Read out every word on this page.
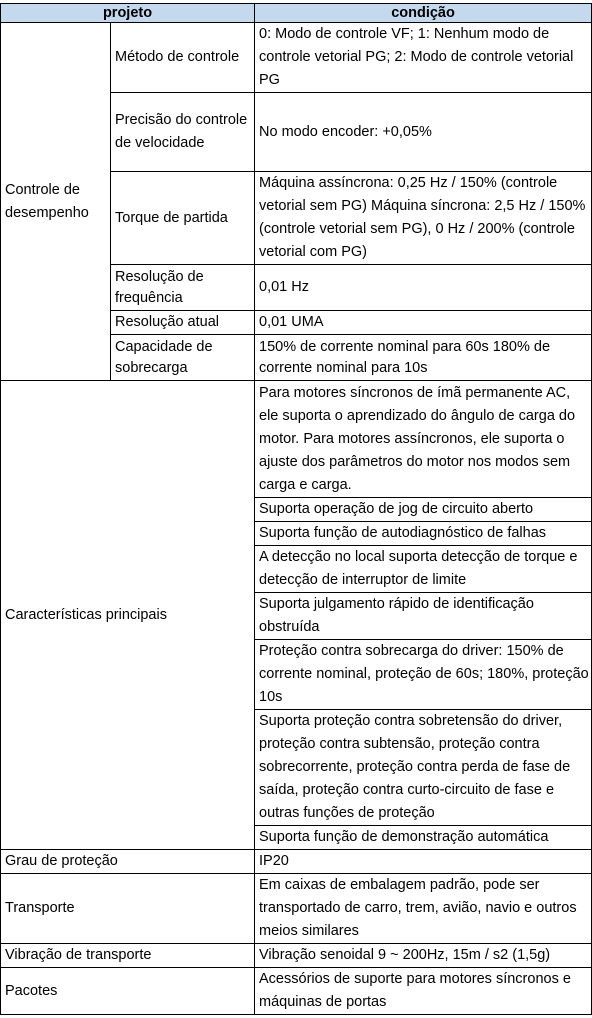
projeto		condição
Controle de desempenho	Método de controle	0: Modo de controle VF; 1: Nenhum modo de controle vetorial PG; 2: Modo de controle vetorial PG
	Precisão do controle de velocidade	No modo encoder: +0,05%
	Torque de partida	Máquina assíncrona: 0,25 Hz / 150% (controle vetorial sem PG) Máquina síncrona: 2,5 Hz / 150% (controle vetorial sem PG), 0 Hz / 200% (controle vetorial com PG)
	Resolução de frequência	0,01 Hz
	Resolução atual	0,01 UMA
	Capacidade de sobrecarga	150% de corrente nominal para 60s 180% de corrente nominal para 10s
Características principais		Para motores síncronos de ímã permanente AC, ele suporta o aprendizado do ângulo de carga do motor. Para motores assíncronos, ele suporta o ajuste dos parâmetros do motor nos modos sem carga e carga.
		Suporta operação de jog de circuito aberto
		Suporta função de autodiagnóstico de falhas
		A detecção no local suporta detecção de torque e detecção de interruptor de limite
		Suporta julgamento rápido de identificação obstruída
		Proteção contra sobrecarga do driver: 150% de corrente nominal, proteção de 60s; 180%, proteção 10s
		Suporta proteção contra sobretensão do driver, proteção contra subtensão, proteção contra sobrecorrente, proteção contra perda de fase de saída, proteção contra curto-circuito de fase e outras funções de proteção
		Suporta função de demonstração automática
Grau de proteção		IP20
Transporte		Em caixas de embalagem padrão, pode ser transportado de carro, trem, avião, navio e outros meios similares
Vibração de transporte		Vibração senoidal 9 ~ 200Hz, 15m / s2 (1,5g)
Pacotes		Acessórios de suporte para motores síncronos e máquinas de portas
